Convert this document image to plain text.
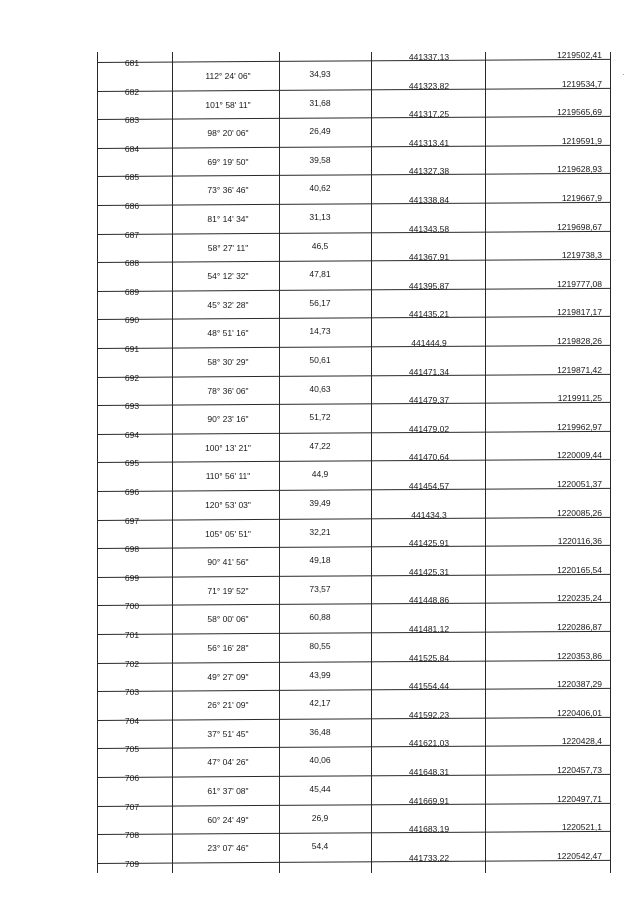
681
112° 24' 06"	34,93
441337,13	1219502,41
682
101° 58' 11"	31,68
441323,82	1219534,7
683
98° 20' 06"	26,49
441317,25	1219565,69
684
69° 19' 50"	39,58
441313,41	1219591,9
685
73° 36' 46"	40,62
441327,38	1219628,93
686
81° 14' 34"	31,13
441338,84	1219667,9
687
58° 27' 11"	46,5
441343,58	1219698,67
688
54° 12' 32"	47,81
441367,91	1219738,3
689
45° 32' 28"	56,17
441395,87	1219777,08
690
48° 51' 16"	14,73
441435,21	1219817,17
691
58° 30' 29"	50,61
441444,9	1219828,26
692
78° 36' 06"	40,63
441471,34	1219871,42
693
90° 23' 16"	51,72
441479,37	1219911,25
694
100° 13' 21"	47,22
441479,02	1219962,97
695
110° 56' 11"	44,9
441470,64	1220009,44
696
120° 53' 03"	39,49
441454,57	1220051,37
697
105° 05' 51"	32,21
441434,3	1220085,26
698
90° 41' 56"	49,18
441425,91	1220116,36
699
71° 19' 52"	73,57
441425,31	1220165,54
700
58° 00' 06"	60,88
441448,86	1220235,24
701
56° 16' 28"	80,55
441481,12	1220286,87
702
49° 27' 09"	43,99
441525,84	1220353,86
703
26° 21' 09"	42,17
441554,44	1220387,29
704
37° 51' 45"	36,48
441592,23	1220406,01
705
47° 04' 26"	40,06
441621,03	1220428,4
706
61° 37' 08"	45,44
441648,31	1220457,73
707
60° 24' 49"	26,9
441669,91	1220497,71
708
23° 07' 46"	54,4
441683,19	1220521,1
709
441733,22	1220542,47
·
